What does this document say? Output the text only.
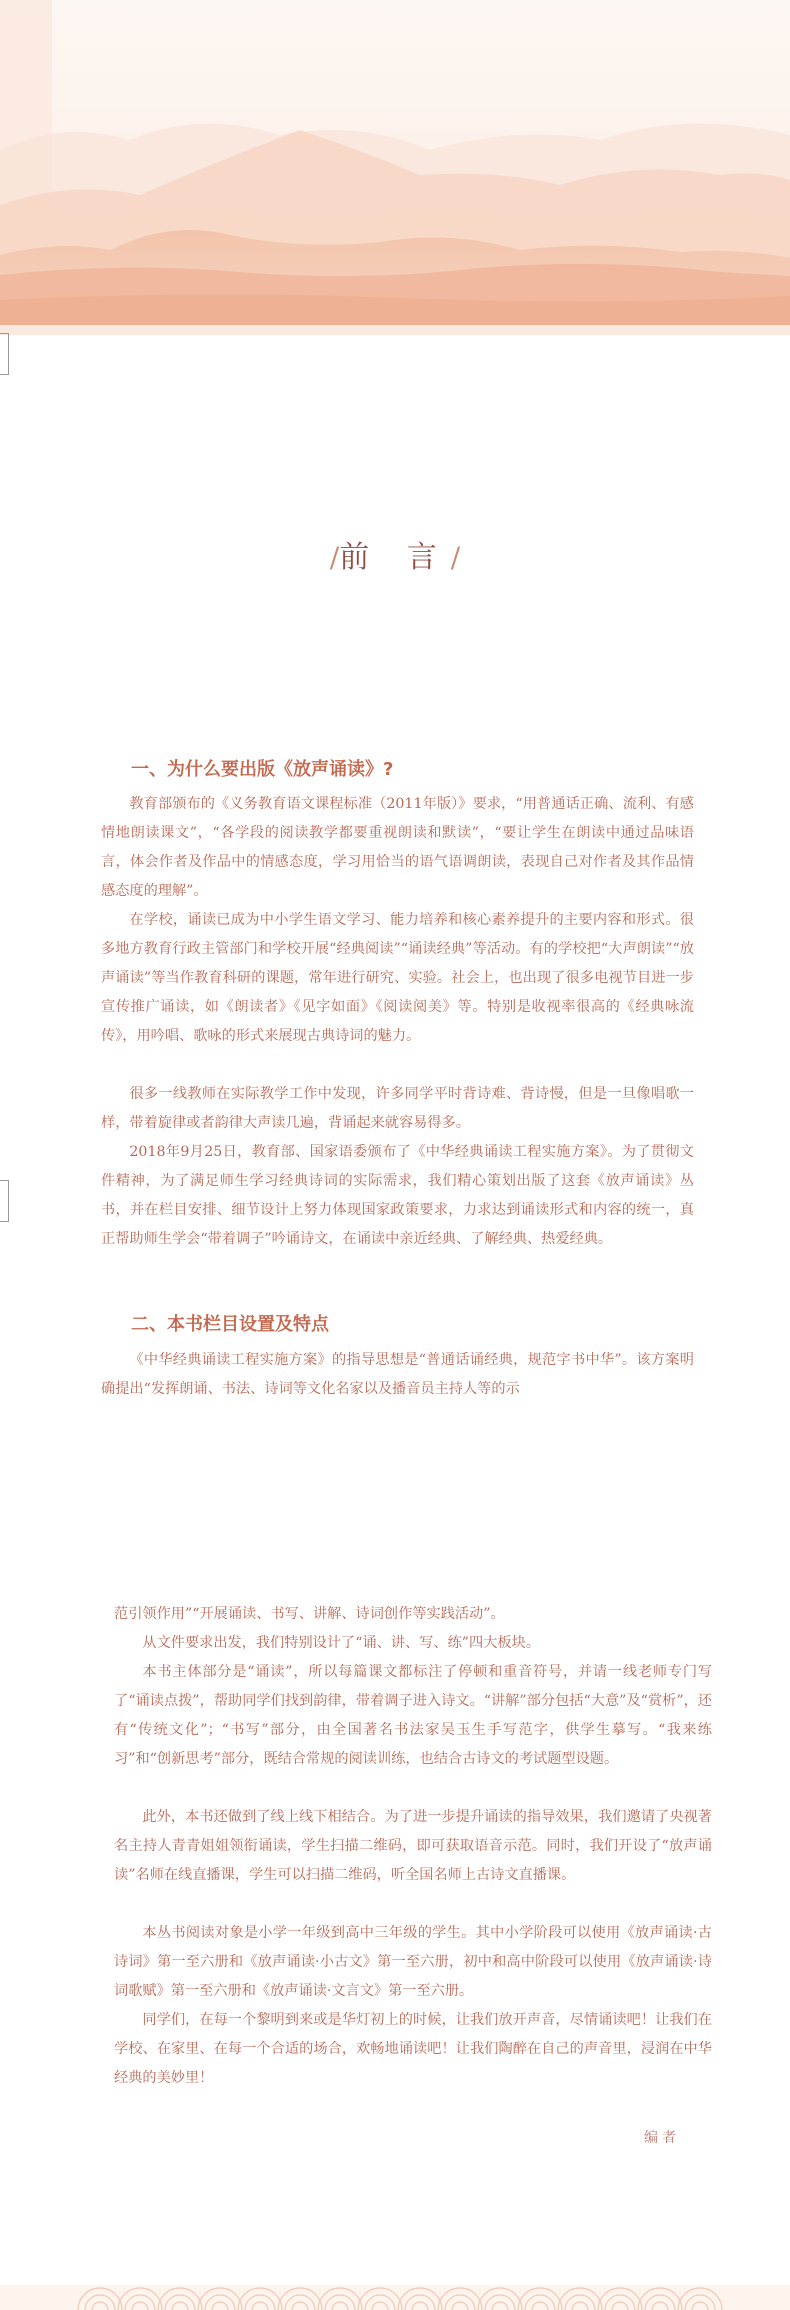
/前 言/
一、为什么要出版《放声诵读》?

教育部颁布的《义务教育语文课程标准（2011年版）》要求，“用普通话正确、流利、有感情地朗读课文”，“各学段的阅读教学都要重视朗读和默读”，“要让学生在朗读中通过品味语言，体会作者及作品中的情感态度，学习用恰当的语气语调朗读，表现自己对作者及其作品情感态度的理解”。

在学校，诵读已成为中小学生语文学习、能力培养和核心素养提升的主要内容和形式。很多地方教育行政主管部门和学校开展“经典阅读”“诵读经典”等活动。有的学校把“大声朗读”“放声诵读”等当作教育科研的课题，常年进行研究、实验。社会上，也出现了很多电视节目进一步宣传推广诵读，如《朗读者》《见字如面》《阅读阅美》等。特别是收视率很高的《经典咏流传》，用吟唱、歌咏的形式来展现古典诗词的魅力。

很多一线教师在实际教学工作中发现，许多同学平时背诗难、背诗慢，但是一旦像唱歌一样，带着旋律或者韵律大声读几遍，背诵起来就容易得多。

2018年9月25日，教育部、国家语委颁布了《中华经典诵读工程实施方案》。为了贯彻文件精神，为了满足师生学习经典诗词的实际需求，我们精心策划出版了这套《放声诵读》丛书，并在栏目安排、细节设计上努力体现国家政策要求，力求达到诵读形式和内容的统一，真正帮助师生学会“带着调子”吟诵诗文，在诵读中亲近经典、了解经典、热爱经典。

二、本书栏目设置及特点

《中华经典诵读工程实施方案》的指导思想是“普通话诵经典，规范字书中华”。该方案明确提出“发挥朗诵、书法、诗词等文化名家以及播音员主持人等的示

范引领作用”“开展诵读、书写、讲解、诗词创作等实践活动”。

从文件要求出发，我们特别设计了“诵、讲、写、练”四大板块。

本书主体部分是“诵读”，所以每篇课文都标注了停顿和重音符号，并请一线老师专门写了“诵读点拨”，帮助同学们找到韵律，带着调子进入诗文。“讲解”部分包括“大意”及“赏析”，还有“传统文化”；“书写”部分，由全国著名书法家吴玉生手写范字，供学生摹写。“我来练习”和“创新思考”部分，既结合常规的阅读训练，也结合古诗文的考试题型设题。

此外，本书还做到了线上线下相结合。为了进一步提升诵读的指导效果，我们邀请了央视著名主持人青青姐姐领衔诵读，学生扫描二维码，即可获取语音示范。同时，我们开设了“放声诵读”名师在线直播课，学生可以扫描二维码，听全国名师上古诗文直播课。

本丛书阅读对象是小学一年级到高中三年级的学生。其中小学阶段可以使用《放声诵读·古诗词》第一至六册和《放声诵读·小古文》第一至六册，初中和高中阶段可以使用《放声诵读·诗词歌赋》第一至六册和《放声诵读·文言文》第一至六册。

同学们，在每一个黎明到来或是华灯初上的时候，让我们放开声音，尽情诵读吧！让我们在学校、在家里、在每一个合适的场合，欢畅地诵读吧！让我们陶醉在自己的声音里，浸润在中华经典的美妙里！

编者
